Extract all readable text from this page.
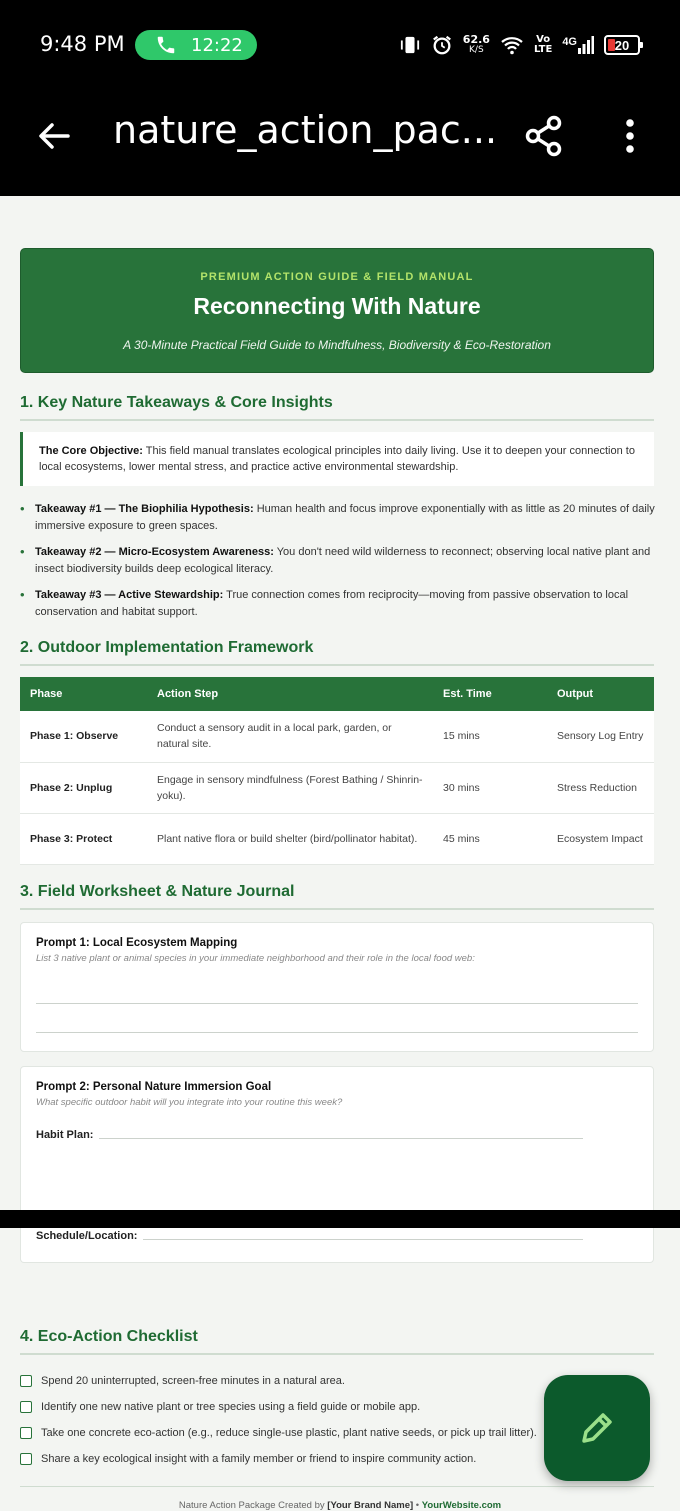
9:48 PM	12:22	62.6
K/S
Vo
LTE
4G	20
nature_action_pac...
PREMIUM ACTION GUIDE & FIELD MANUAL
Reconnecting With Nature
A 30-Minute Practical Field Guide to Mindfulness, Biodiversity & Eco-Restoration
1. Key Nature Takeaways & Core Insights
The Core Objective: This field manual translates ecological principles into daily living. Use it to deepen your connection to local ecosystems, lower mental stress, and practice active environmental stewardship.
• Takeaway #1 — The Biophilia Hypothesis: Human health and focus improve exponentially with as little as 20 minutes of daily immersive exposure to green spaces.
• Takeaway #2 — Micro-Ecosystem Awareness: You don't need wild wilderness to reconnect; observing local native plant and insect biodiversity builds deep ecological literacy.
• Takeaway #3 — Active Stewardship: True connection comes from reciprocity—moving from passive observation to local conservation and habitat support.
2. Outdoor Implementation Framework
Phase	Action Step	Est. Time	Output
Phase 1: Observe	Conduct a sensory audit in a local park, garden, or natural site.	15 mins	Sensory Log Entry
Phase 2: Unplug	Engage in sensory mindfulness (Forest Bathing / Shinrin-yoku).	30 mins	Stress Reduction
Phase 3: Protect	Plant native flora or build shelter (bird/pollinator habitat).	45 mins	Ecosystem Impact
3. Field Worksheet & Nature Journal
Prompt 1: Local Ecosystem Mapping
List 3 native plant or animal species in your immediate neighborhood and their role in the local food web:
Prompt 2: Personal Nature Immersion Goal
What specific outdoor habit will you integrate into your routine this week?
Habit Plan:
Schedule/Location:
4. Eco-Action Checklist
Spend 20 uninterrupted, screen-free minutes in a natural area.
Identify one new native plant or tree species using a field guide or mobile app.
Take one concrete eco-action (e.g., reduce single-use plastic, plant native seeds, or pick up trail litter).
Share a key ecological insight with a family member or friend to inspire community action.
Nature Action Package Created by [Your Brand Name] • YourWebsite.com
